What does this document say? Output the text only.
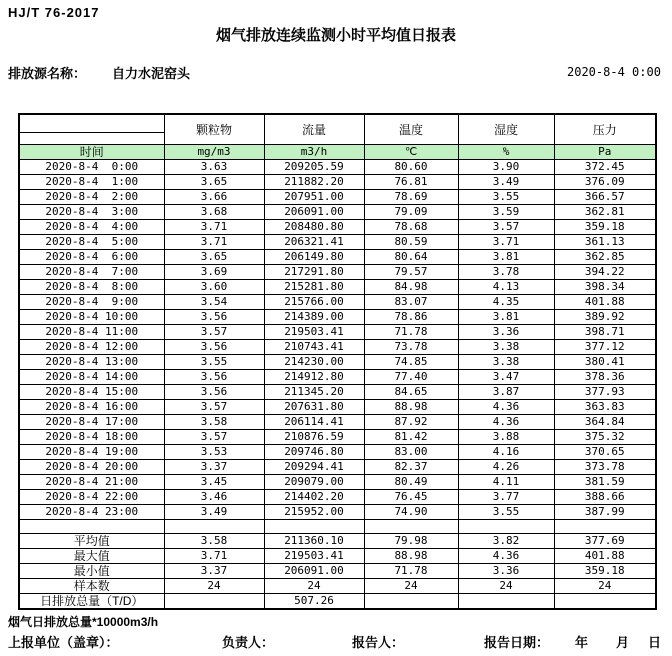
HJ/T 76-2017
烟气排放连续监测小时平均值日报表
排放源名称： 自力水泥窑头	2020-8-4 0:00
	颗粒物	流量	温度	湿度	压力

时间	mg/m3	m3/h	℃	%	Pa
2020-8-4  0:00	3.63	209205.59	80.60	3.90	372.45
2020-8-4  1:00	3.65	211882.20	76.81	3.49	376.09
2020-8-4  2:00	3.66	207951.00	78.69	3.55	366.57
2020-8-4  3:00	3.68	206091.00	79.09	3.59	362.81
2020-8-4  4:00	3.71	208480.80	78.68	3.57	359.18
2020-8-4  5:00	3.71	206321.41	80.59	3.71	361.13
2020-8-4  6:00	3.65	206149.80	80.64	3.81	362.85
2020-8-4  7:00	3.69	217291.80	79.57	3.78	394.22
2020-8-4  8:00	3.60	215281.80	84.98	4.13	398.34
2020-8-4  9:00	3.54	215766.00	83.07	4.35	401.88
2020-8-4 10:00	3.56	214389.00	78.86	3.81	389.92
2020-8-4 11:00	3.57	219503.41	71.78	3.36	398.71
2020-8-4 12:00	3.56	210743.41	73.78	3.38	377.12
2020-8-4 13:00	3.55	214230.00	74.85	3.38	380.41
2020-8-4 14:00	3.56	214912.80	77.40	3.47	378.36
2020-8-4 15:00	3.56	211345.20	84.65	3.87	377.93
2020-8-4 16:00	3.57	207631.80	88.98	4.36	363.83
2020-8-4 17:00	3.58	206114.41	87.92	4.36	364.84
2020-8-4 18:00	3.57	210876.59	81.42	3.88	375.32
2020-8-4 19:00	3.53	209746.80	83.00	4.16	370.65
2020-8-4 20:00	3.37	209294.41	82.37	4.26	373.78
2020-8-4 21:00	3.45	209079.00	80.49	4.11	381.59
2020-8-4 22:00	3.46	214402.20	76.45	3.77	388.66
2020-8-4 23:00	3.49	215952.00	74.90	3.55	387.99

平均值	3.58	211360.10	79.98	3.82	377.69
最大值	3.71	219503.41	88.98	4.36	401.88
最小值	3.37	206091.00	71.78	3.36	359.18
样本数	24	24	24	24	24
日排放总量（T/D）		507.26			
烟气日排放总量*10000m3/h
上报单位（盖章）：	负责人：	报告人：	报告日期： 年 月 日
